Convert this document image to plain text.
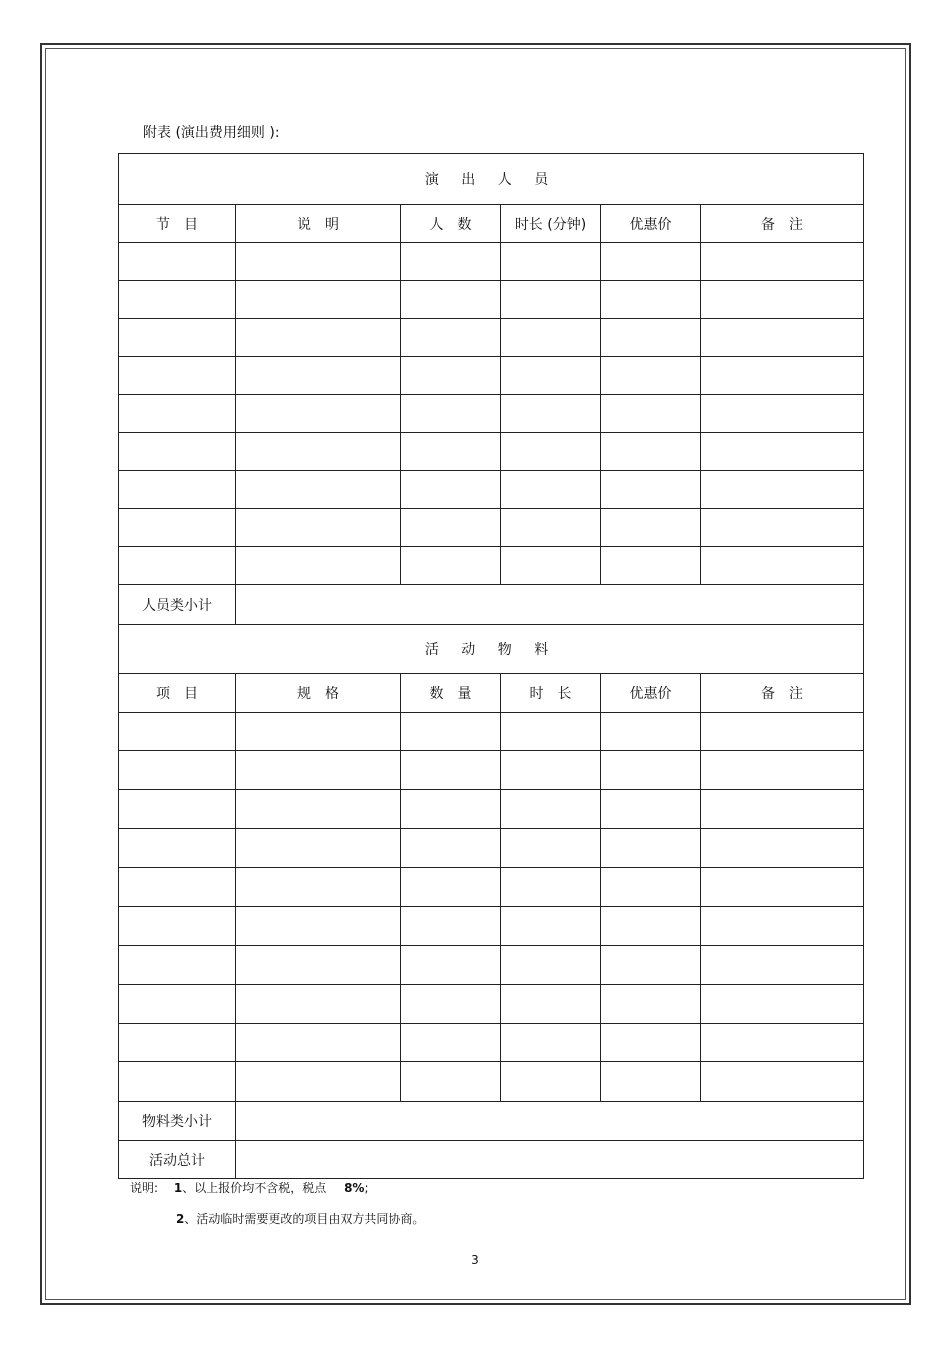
附表 (演出费用细则 ):
演 出 人 员					
节　目	说　明	人　数	时长 (分钟)	优惠价	备　注

人员类小计					
活 动 物 料					
项　目	规　格	数　量	时　长	优惠价	备　注

物料类小计					
活动总计					
说明: 1、以上报价均不含税，税点 8%;
2、活动临时需要更改的项目由双方共同协商。
3
